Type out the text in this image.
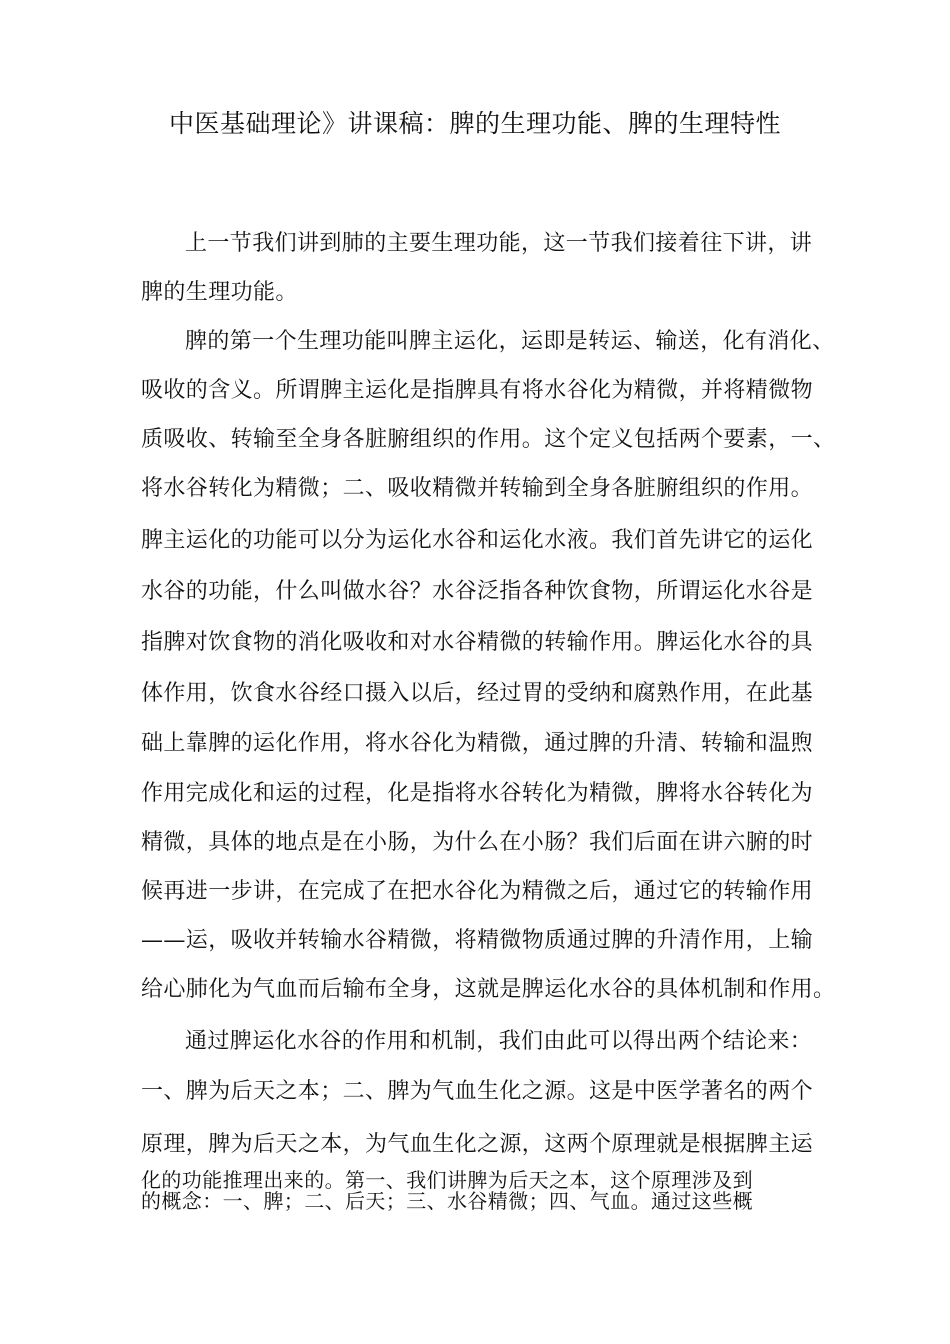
中医基础理论》讲课稿：脾的生理功能、脾的生理特性
上一节我们讲到肺的主要生理功能，这一节我们接着往下讲，讲
脾的生理功能。
脾的第一个生理功能叫脾主运化，运即是转运、输送，化有消化、
吸收的含义。所谓脾主运化是指脾具有将水谷化为精微，并将精微物
质吸收、转输至全身各脏腑组织的作用。这个定义包括两个要素，一、
将水谷转化为精微；二、吸收精微并转输到全身各脏腑组织的作用。
脾主运化的功能可以分为运化水谷和运化水液。我们首先讲它的运化
水谷的功能，什么叫做水谷？水谷泛指各种饮食物，所谓运化水谷是
指脾对饮食物的消化吸收和对水谷精微的转输作用。脾运化水谷的具
体作用，饮食水谷经口摄入以后，经过胃的受纳和腐熟作用，在此基
础上靠脾的运化作用，将水谷化为精微，通过脾的升清、转输和温煦
作用完成化和运的过程，化是指将水谷转化为精微，脾将水谷转化为
精微，具体的地点是在小肠，为什么在小肠？我们后面在讲六腑的时
候再进一步讲，在完成了在把水谷化为精微之后，通过它的转输作用
——运，吸收并转输水谷精微，将精微物质通过脾的升清作用，上输
给心肺化为气血而后输布全身，这就是脾运化水谷的具体机制和作用。
通过脾运化水谷的作用和机制，我们由此可以得出两个结论来：
一、脾为后天之本；二、脾为气血生化之源。这是中医学著名的两个
原理，脾为后天之本，为气血生化之源，这两个原理就是根据脾主运
化的功能推理出来的。第一、我们讲脾为后天之本，这个原理涉及到
的概念：一、脾；二、后天；三、水谷精微；四、气血。通过这些概
